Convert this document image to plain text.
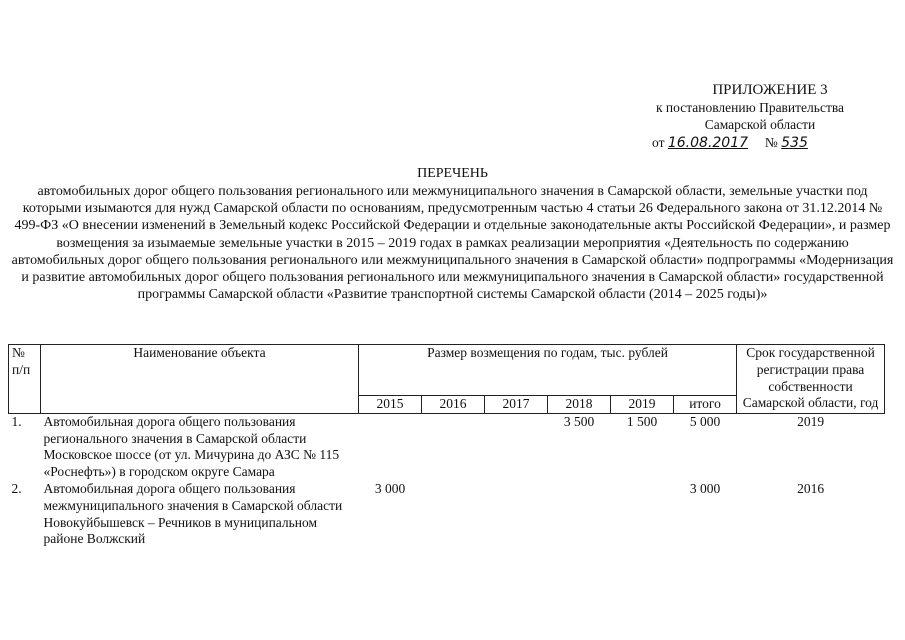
ПРИЛОЖЕНИЕ 3
к постановлению Правительства
Самарской области
от 16.08.2017 № 535
ПЕРЕЧЕНЬ
автомобильных дорог общего пользования регионального или межмуниципального значения в Самарской области, земельные участки под которыми изымаются для нужд Самарской области по основаниям, предусмотренным частью 4 статьи 26 Федерального закона от 31.12.2014 № 499-ФЗ «О внесении изменений в Земельный кодекс Российской Федерации и отдельные законодательные акты Российской Федерации», и размер возмещения за изымаемые земельные участки в 2015 – 2019 годах в рамках реализации мероприятия «Деятельность по содержанию автомобильных дорог общего пользования регионального или межмуниципального значения в Самарской области» подпрограммы «Модернизация и развитие автомобильных дорог общего пользования регионального или межмуниципального значения в Самарской области» государственной программы Самарской области «Развитие транспортной системы Самарской области (2014 – 2025 годы)»
№ п/п	Наименование объекта	Размер возмещения по годам, тыс. рублей						Срок государственной регистрации права собственности Самарской области, год
		2015	2016	2017	2018	2019	итого	
1.	Автомобильная дорога общего пользования регионального значения в Самарской области Московское шоссе (от ул. Мичурина до АЗС № 115 «Роснефть») в городском округе Самара				3 500	1 500	5 000	2019
2.	Автомобильная дорога общего пользования межмуниципального значения в Самарской области Новокуйбышевск – Речников в муниципальном районе Волжский	3 000					3 000	2016
